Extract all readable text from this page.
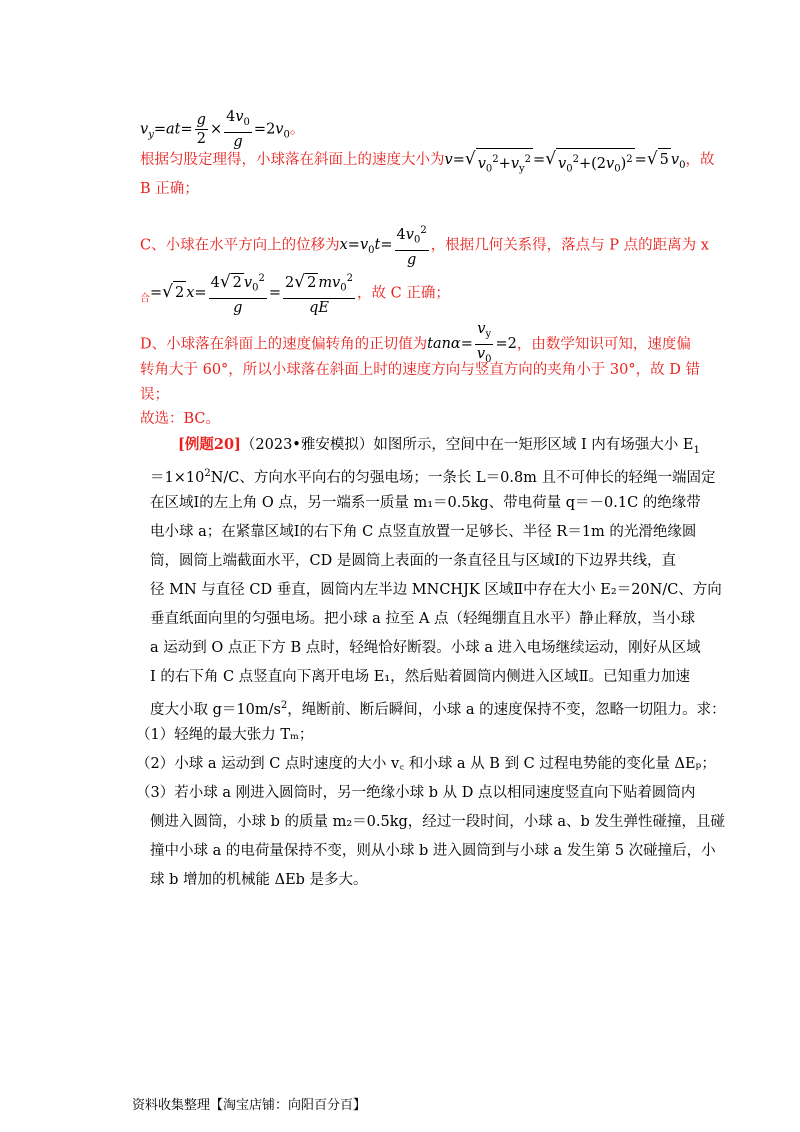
$v_y=at= \frac{g}{2} \times \frac{4v_0}{g} =2v_0$。
根据匀股定理得，小球落在斜面上的速度大小为v= √ $v_0^2+v_y^2$ = √ $v_0^2+(2v_0)^2$ = √ 5 $v_0$，故
B 正确；
C、小球在水平方向上的位移为$x=v_0t= \frac{4v_0^2}{g}$ ，根据几何关系得，落点与 P 点的距离为 x
$_合$= √ 2 $x= \frac{4 √ 2 v_0^2}{g} = \frac{2 √ 2 mv_0^2}{qE}$ ，故 C 正确；
D、小球落在斜面上的速度偏转角的正切值为$\tan\alpha= \frac{v_y}{v_0} =2$，由数学知识可知，速度偏
转角大于 60°，所以小球落在斜面上时的速度方向与竖直方向的夹角小于 30°，故 D 错
误；
故选：BC。
[例题20]（2023•雅安模拟）如图所示，空间中在一矩形区域 Ⅰ 内有场强大小 $E_1$
$=1\times 10^2N/C$、方向水平向右的匀强电场；一条长 L＝0.8m 且不可伸长的轻绳一端固定
在区域Ⅰ的左上角 O 点，另一端系一质量 m₁＝0.5kg、带电荷量 q＝－0.1C 的绝缘带
电小球 a；在紧靠区域Ⅰ的右下角 C 点竖直放置一足够长、半径 R＝1m 的光滑绝缘圆
筒，圆筒上端截面水平，CD 是圆筒上表面的一条直径且与区域Ⅰ的下边界共线，直
径 MN 与直径 CD 垂直，圆筒内左半边 MNCHJK 区域Ⅱ中存在大小 E₂＝20N/C、方向
垂直纸面向里的匀强电场。把小球 a 拉至 A 点（轻绳绷直且水平）静止释放，当小球
a 运动到 O 点正下方 B 点时，轻绳恰好断裂。小球 a 进入电场继续运动，刚好从区域
Ⅰ 的右下角 C 点竖直向下离开电场 E₁，然后贴着圆筒内侧进入区域Ⅱ。已知重力加速
度大小取 $g=10m/s^2$，绳断前、断后瞬间，小球 a 的速度保持不变，忽略一切阻力。求：
（1）轻绳的最大张力 Tₘ；
（2）小球 a 运动到 C 点时速度的大小 v꜀ 和小球 a 从 B 到 C 过程电势能的变化量 ΔEₚ；
（3）若小球 a 刚进入圆筒时，另一绝缘小球 b 从 D 点以相同速度竖直向下贴着圆筒内
侧进入圆筒，小球 b 的质量 m₂＝0.5kg，经过一段时间，小球 a、b 发生弹性碰撞，且碰
撞中小球 a 的电荷量保持不变，则从小球 b 进入圆筒到与小球 a 发生第 5 次碰撞后，小
球 b 增加的机械能 ΔEb 是多大。
资料收集整理【淘宝店铺：向阳百分百】
